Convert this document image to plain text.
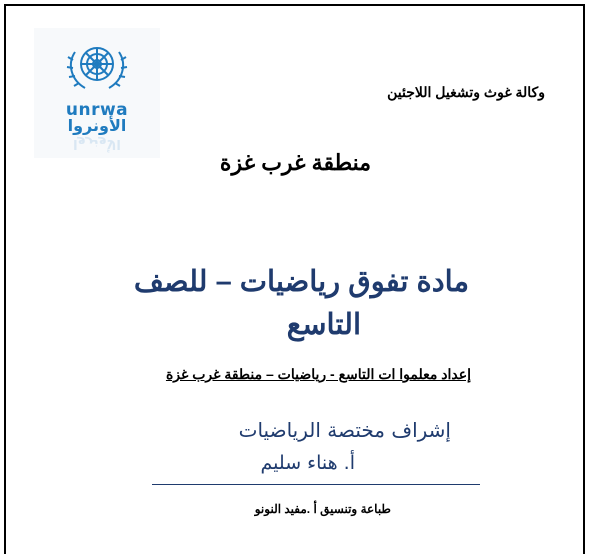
unrwa
الأونروا
الأونروا
وكالة غوث وتشغيل اللاجئين
منطقة غرب غزة
مادة تفوق رياضيات – للصف
التاسع
إعداد معلموا ات التاسع - رياضيات – منطقة غرب غزة
إشراف مختصة الرياضيات
أ. هناء سليم
طباعة وتنسيق أ .مفيد النونو
